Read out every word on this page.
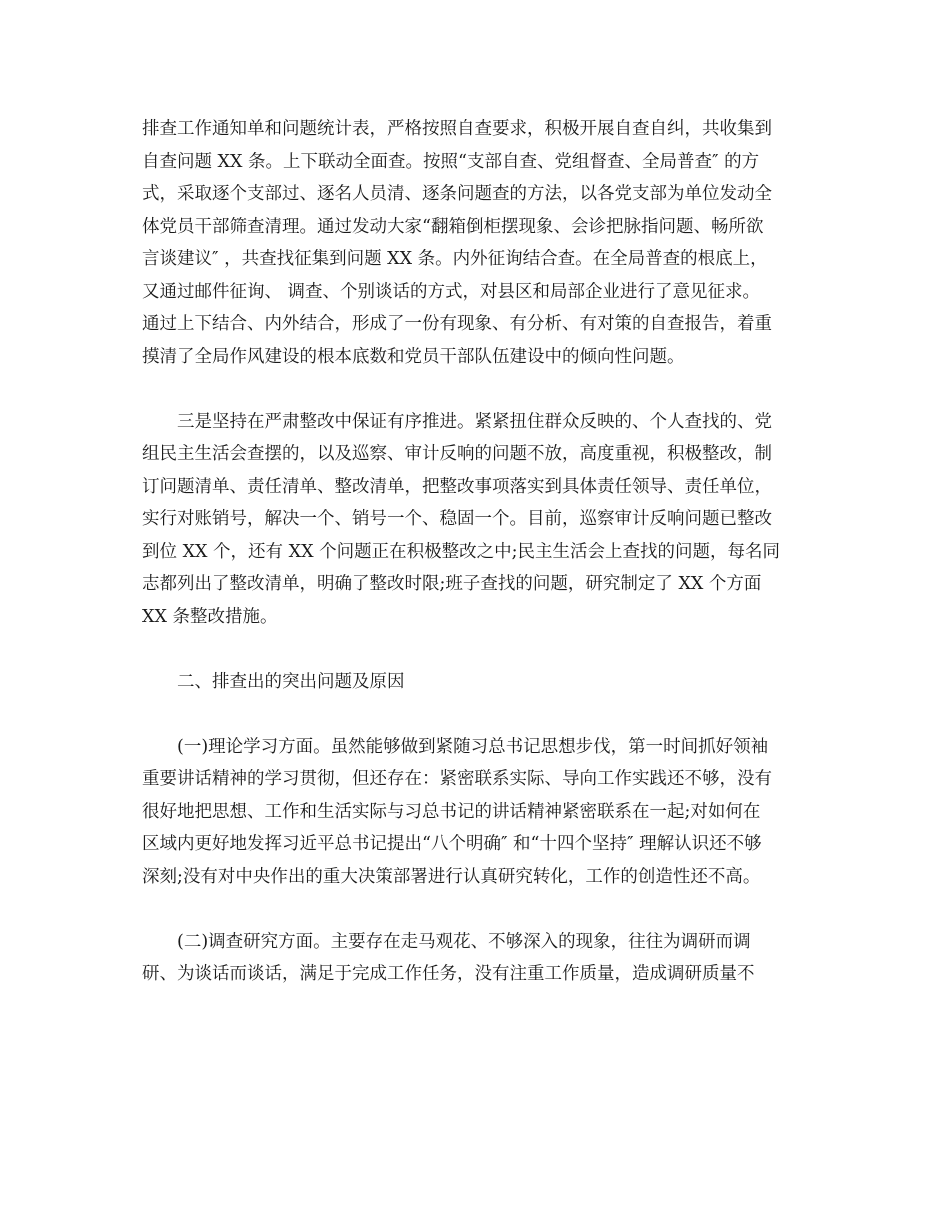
排查工作通知单和问题统计表，严格按照自查要求，积极开展自查自纠，共收集到
自查问题 XX 条。上下联动全面查。按照“支部自查、党组督查、全局普查″ 的方
式，采取逐个支部过、逐名人员清、逐条问题查的方法，以各党支部为单位发动全
体党员干部筛查清理。通过发动大家“翻箱倒柜摆现象、会诊把脉指问题、畅所欲
言谈建议″ ，共查找征集到问题 XX 条。内外征询结合查。在全局普查的根底上，
又通过邮件征询、 调查、个别谈话的方式，对县区和局部企业进行了意见征求。
通过上下结合、内外结合，形成了一份有现象、有分析、有对策的自查报告，着重
摸清了全局作风建设的根本底数和党员干部队伍建设中的倾向性问题。
三是坚持在严肃整改中保证有序推进。紧紧扭住群众反映的、个人查找的、党
组民主生活会查摆的，以及巡察、审计反响的问题不放，高度重视，积极整改，制
订问题清单、责任清单、整改清单，把整改事项落实到具体责任领导、责任单位，
实行对账销号，解决一个、销号一个、稳固一个。目前，巡察审计反响问题已整改
到位 XX 个，还有 XX 个问题正在积极整改之中;民主生活会上查找的问题，每名同
志都列出了整改清单，明确了整改时限;班子查找的问题，研究制定了 XX 个方面
XX 条整改措施。
二、排查出的突出问题及原因
(一)理论学习方面。虽然能够做到紧随习总书记思想步伐，第一时间抓好领袖
重要讲话精神的学习贯彻，但还存在：紧密联系实际、导向工作实践还不够，没有
很好地把思想、工作和生活实际与习总书记的讲话精神紧密联系在一起;对如何在
区域内更好地发挥习近平总书记提出“八个明确″ 和“十四个坚持″ 理解认识还不够
深刻;没有对中央作出的重大决策部署进行认真研究转化，工作的创造性还不高。
(二)调查研究方面。主要存在走马观花、不够深入的现象，往往为调研而调
研、为谈话而谈话，满足于完成工作任务，没有注重工作质量，造成调研质量不
